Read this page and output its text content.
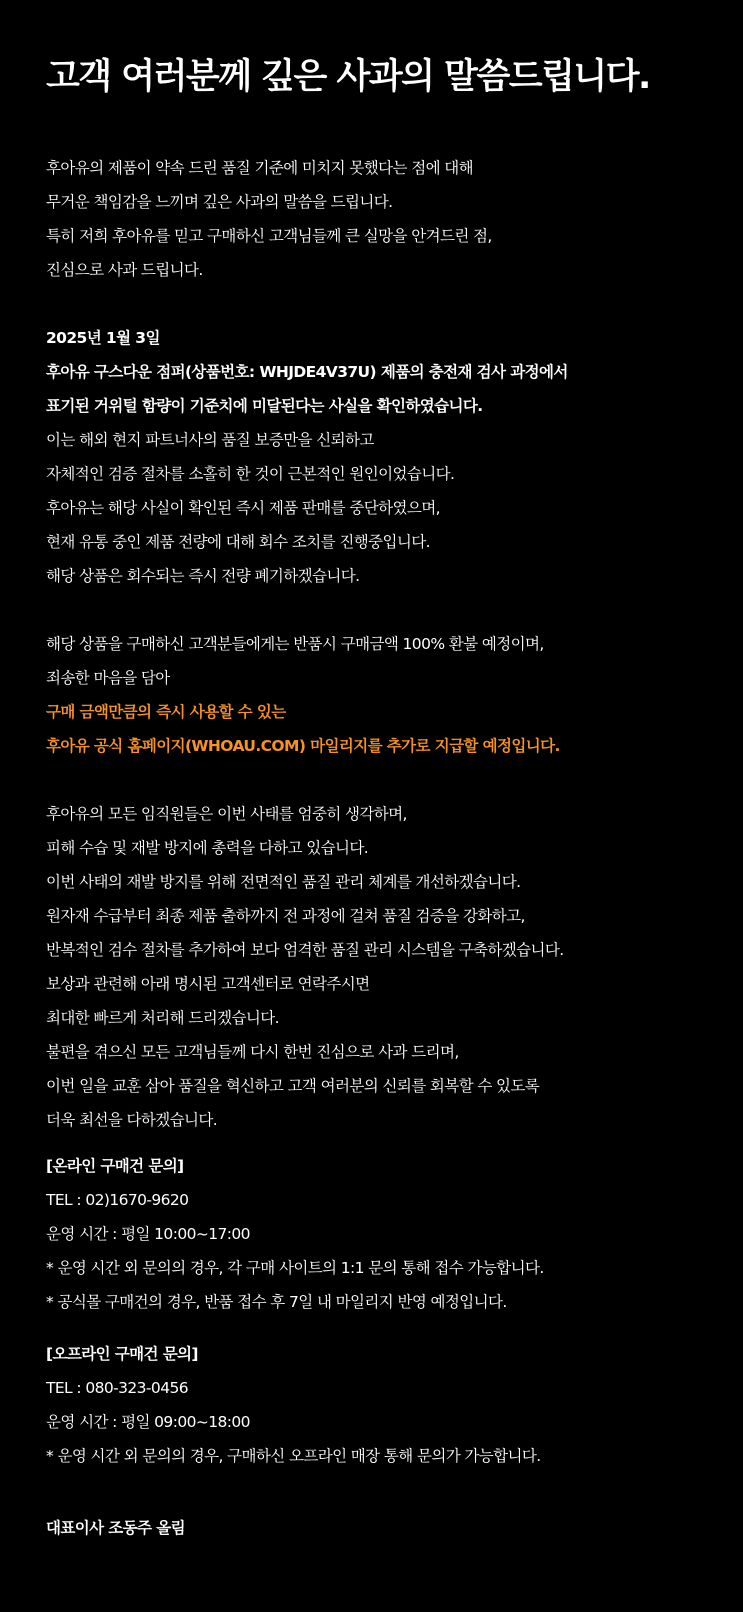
고객 여러분께 깊은 사과의 말씀드립니다.
후아유의 제품이 약속 드린 품질 기준에 미치지 못했다는 점에 대해
무거운 책임감을 느끼며 깊은 사과의 말씀을 드립니다.
특히 저희 후아유를 믿고 구매하신 고객님들께 큰 실망을 안겨드린 점,
진심으로 사과 드립니다.
2025년 1월 3일
후아유 구스다운 점퍼(상품번호: WHJDE4V37U) 제품의 충전재 검사 과정에서
표기된 거위털 함량이 기준치에 미달된다는 사실을 확인하였습니다.
이는 해외 현지 파트너사의 품질 보증만을 신뢰하고
자체적인 검증 절차를 소홀히 한 것이 근본적인 원인이었습니다.
후아유는 해당 사실이 확인된 즉시 제품 판매를 중단하였으며,
현재 유통 중인 제품 전량에 대해 회수 조치를 진행중입니다.
해당 상품은 회수되는 즉시 전량 폐기하겠습니다.
해당 상품을 구매하신 고객분들에게는 반품시 구매금액 100% 환불 예정이며,
죄송한 마음을 담아
구매 금액만큼의 즉시 사용할 수 있는
후아유 공식 홈페이지(WHOAU.COM) 마일리지를 추가로 지급할 예정입니다.
후아유의 모든 임직원들은 이번 사태를 엄중히 생각하며,
피해 수습 및 재발 방지에 총력을 다하고 있습니다.
이번 사태의 재발 방지를 위해 전면적인 품질 관리 체계를 개선하겠습니다.
원자재 수급부터 최종 제품 출하까지 전 과정에 걸쳐 품질 검증을 강화하고,
반복적인 검수 절차를 추가하여 보다 엄격한 품질 관리 시스템을 구축하겠습니다.
보상과 관련해 아래 명시된 고객센터로 연락주시면
최대한 빠르게 처리해 드리겠습니다.
불편을 겪으신 모든 고객님들께 다시 한번 진심으로 사과 드리며,
이번 일을 교훈 삼아 품질을 혁신하고 고객 여러분의 신뢰를 회복할 수 있도록
더욱 최선을 다하겠습니다.
[온라인 구매건 문의]
TEL : 02)1670-9620
운영 시간 : 평일 10:00~17:00
* 운영 시간 외 문의의 경우, 각 구매 사이트의 1:1 문의 통해 접수 가능합니다.
* 공식몰 구매건의 경우, 반품 접수 후 7일 내 마일리지 반영 예정입니다.
[오프라인 구매건 문의]
TEL : 080-323-0456
운영 시간 : 평일 09:00~18:00
* 운영 시간 외 문의의 경우, 구매하신 오프라인 매장 통해 문의가 가능합니다.
대표이사 조동주 올림
